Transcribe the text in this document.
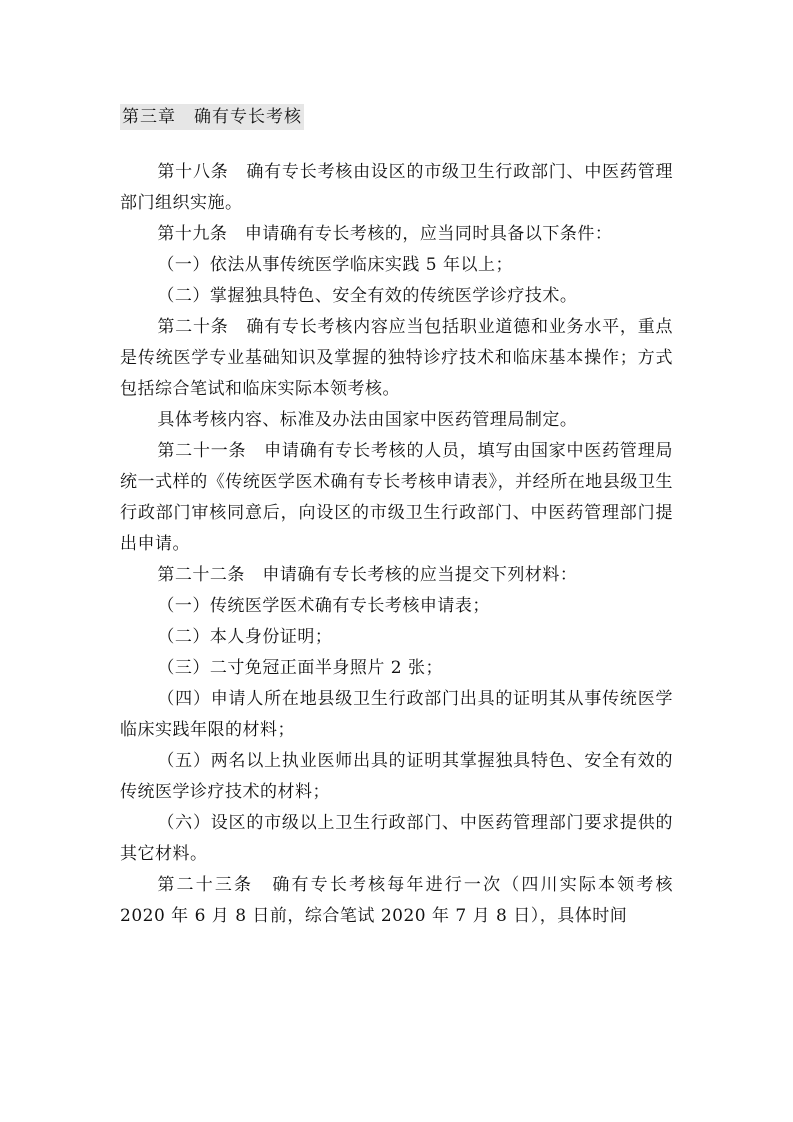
第三章　确有专长考核

第十八条　确有专长考核由设区的市级卫生行政部门、中医药管理部门组织实施。

第十九条　申请确有专长考核的，应当同时具备以下条件：

（一）依法从事传统医学临床实践 5 年以上；

（二）掌握独具特色、安全有效的传统医学诊疗技术。

第二十条　确有专长考核内容应当包括职业道德和业务水平，重点是传统医学专业基础知识及掌握的独特诊疗技术和临床基本操作；方式包括综合笔试和临床实际本领考核。

具体考核内容、标准及办法由国家中医药管理局制定。

第二十一条　申请确有专长考核的人员，填写由国家中医药管理局统一式样的《传统医学医术确有专长考核申请表》，并经所在地县级卫生行政部门审核同意后，向设区的市级卫生行政部门、中医药管理部门提出申请。

第二十二条　申请确有专长考核的应当提交下列材料：

（一）传统医学医术确有专长考核申请表；

（二）本人身份证明；

（三）二寸免冠正面半身照片 2 张；

（四）申请人所在地县级卫生行政部门出具的证明其从事传统医学临床实践年限的材料；

（五）两名以上执业医师出具的证明其掌握独具特色、安全有效的传统医学诊疗技术的材料；

（六）设区的市级以上卫生行政部门、中医药管理部门要求提供的其它材料。

第二十三条　确有专长考核每年进行一次（四川实际本领考核 2020 年 6 月 8 日前，综合笔试 2020 年 7 月 8 日），具体时间
